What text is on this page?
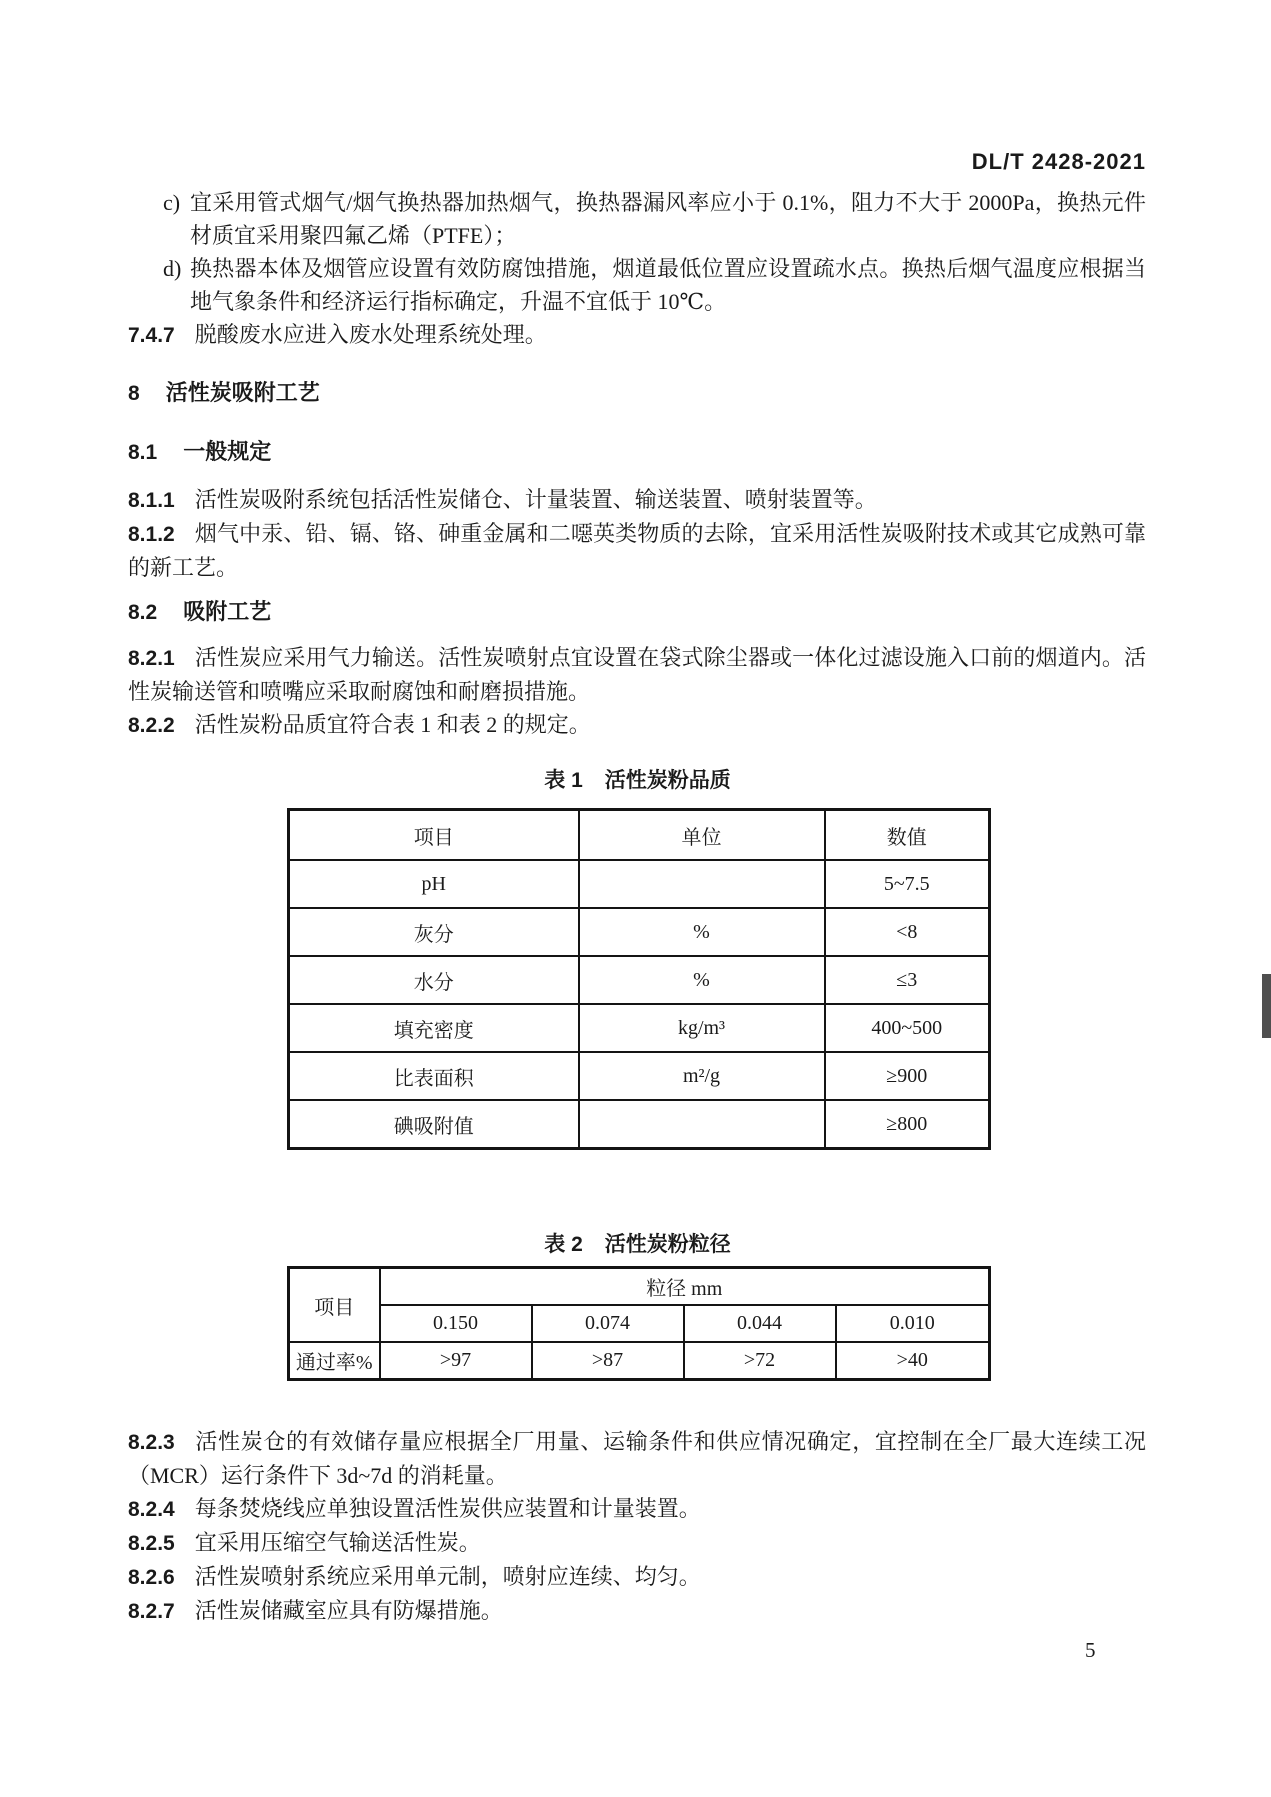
DL/T 2428-2021
c) 宜采用管式烟气/烟气换热器加热烟气，换热器漏风率应小于 0.1%，阻力不大于 2000Pa，换热元件材质宜采用聚四氟乙烯（PTFE）；
d) 换热器本体及烟管应设置有效防腐蚀措施，烟道最低位置应设置疏水点。换热后烟气温度应根据当地气象条件和经济运行指标确定，升温不宜低于 10℃。
7.4.7 脱酸废水应进入废水处理系统处理。
8 活性炭吸附工艺
8.1 一般规定
8.1.1 活性炭吸附系统包括活性炭储仓、计量装置、输送装置、喷射装置等。
8.1.2 烟气中汞、铅、镉、铬、砷重金属和二噁英类物质的去除，宜采用活性炭吸附技术或其它成熟可靠的新工艺。
8.2 吸附工艺
8.2.1 活性炭应采用气力输送。活性炭喷射点宜设置在袋式除尘器或一体化过滤设施入口前的烟道内。活性炭输送管和喷嘴应采取耐腐蚀和耐磨损措施。
8.2.2 活性炭粉品质宜符合表 1 和表 2 的规定。
表 1 活性炭粉品质
项目	单位	数值
pH		5~7.5
灰分	%	<8
水分	%	≤3
填充密度	kg/m³	400~500
比表面积	m²/g	≥900
碘吸附值		≥800
表 2 活性炭粉粒径
项目	粒径 mm			
	0.150	0.074	0.044	0.010
通过率%	>97	>87	>72	>40
8.2.3 活性炭仓的有效储存量应根据全厂用量、运输条件和供应情况确定，宜控制在全厂最大连续工况（MCR）运行条件下 3d~7d 的消耗量。
8.2.4 每条焚烧线应单独设置活性炭供应装置和计量装置。
8.2.5 宜采用压缩空气输送活性炭。
8.2.6 活性炭喷射系统应采用单元制，喷射应连续、均匀。
8.2.7 活性炭储藏室应具有防爆措施。
5
